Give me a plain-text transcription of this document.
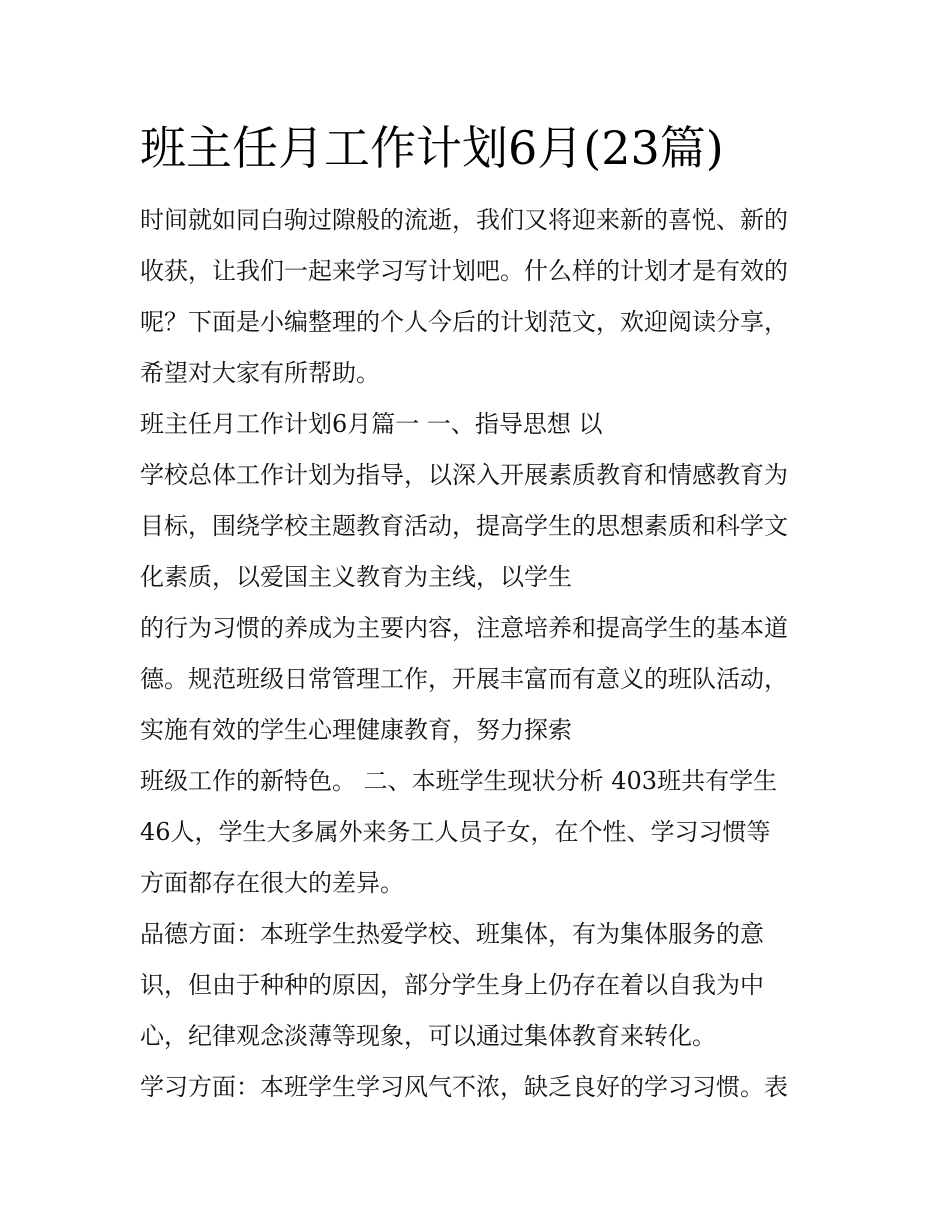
班主任月工作计划6月(23篇)

时间就如同白驹过隙般的流逝，我们又将迎来新的喜悦、新的

收获，让我们一起来学习写计划吧。什么样的计划才是有效的

呢？下面是小编整理的个人今后的计划范文，欢迎阅读分享，

希望对大家有所帮助。

班主任月工作计划6月篇一 一、指导思想 以

学校总体工作计划为指导，以深入开展素质教育和情感教育为

目标，围绕学校主题教育活动，提高学生的思想素质和科学文

化素质，以爱国主义教育为主线，以学生

的行为习惯的养成为主要内容，注意培养和提高学生的基本道

德。规范班级日常管理工作，开展丰富而有意义的班队活动，

实施有效的学生心理健康教育，努力探索

班级工作的新特色。 二、本班学生现状分析 403班共有学生

46人，学生大多属外来务工人员子女，在个性、学习习惯等

方面都存在很大的差异。

品德方面：本班学生热爱学校、班集体，有为集体服务的意

识，但由于种种的原因，部分学生身上仍存在着以自我为中

心，纪律观念淡薄等现象，可以通过集体教育来转化。

学习方面：本班学生学习风气不浓，缺乏良好的学习习惯。表
